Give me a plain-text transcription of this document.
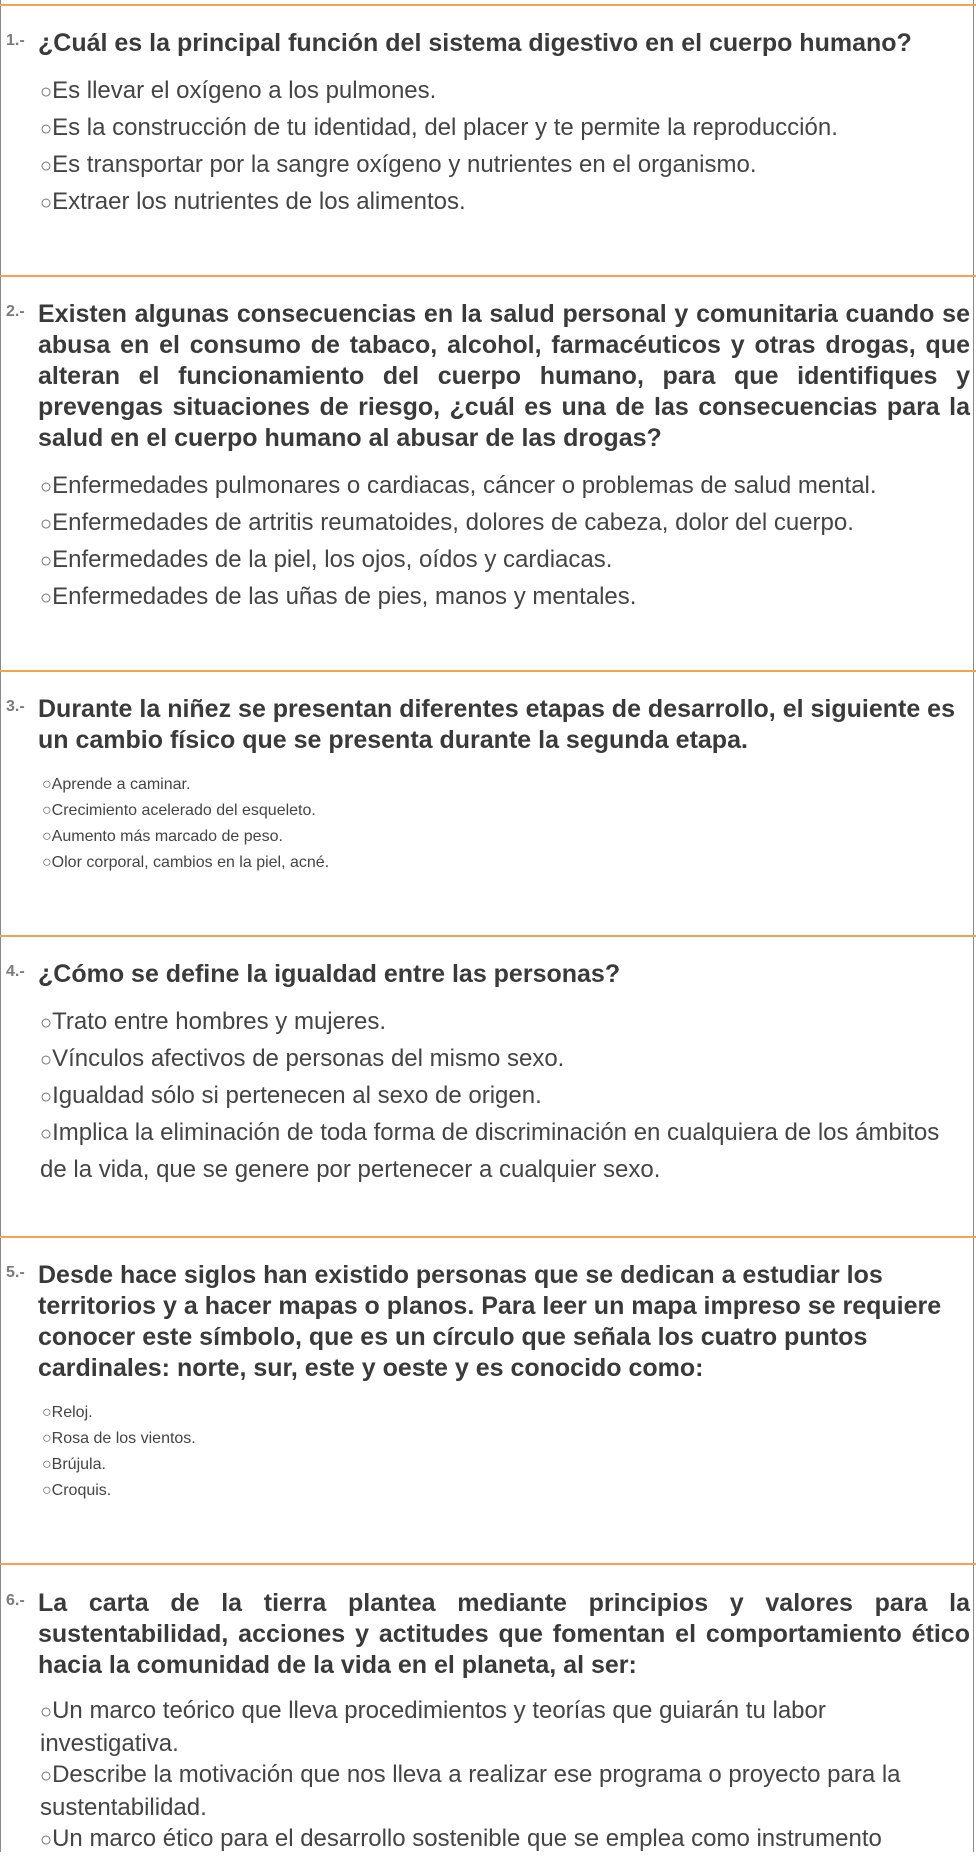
1.- ¿Cuál es la principal función del sistema digestivo en el cuerpo humano?

○Es llevar el oxígeno a los pulmones.
○Es la construcción de tu identidad, del placer y te permite la reproducción.
○Es transportar por la sangre oxígeno y nutrientes en el organismo.
○Extraer los nutrientes de los alimentos.
2.- Existen algunas consecuencias en la salud personal y comunitaria cuando se abusa en el consumo de tabaco, alcohol, farmacéuticos y otras drogas, que alteran el funcionamiento del cuerpo humano, para que identifiques y prevengas situaciones de riesgo, ¿cuál es una de las consecuencias para la salud en el cuerpo humano al abusar de las drogas?

○Enfermedades pulmonares o cardiacas, cáncer o problemas de salud mental.
○Enfermedades de artritis reumatoides, dolores de cabeza, dolor del cuerpo.
○Enfermedades de la piel, los ojos, oídos y cardiacas.
○Enfermedades de las uñas de pies, manos y mentales.
3.- Durante la niñez se presentan diferentes etapas de desarrollo, el siguiente es un cambio físico que se presenta durante la segunda etapa.

○Aprende a caminar.
○Crecimiento acelerado del esqueleto.
○Aumento más marcado de peso.
○Olor corporal, cambios en la piel, acné.
4.- ¿Cómo se define la igualdad entre las personas?

○Trato entre hombres y mujeres.
○Vínculos afectivos de personas del mismo sexo.
○Igualdad sólo si pertenecen al sexo de origen.
○Implica la eliminación de toda forma de discriminación en cualquiera de los ámbitos de la vida, que se genere por pertenecer a cualquier sexo.
5.- Desde hace siglos han existido personas que se dedican a estudiar los territorios y a hacer mapas o planos. Para leer un mapa impreso se requiere conocer este símbolo, que es un círculo que señala los cuatro puntos cardinales: norte, sur, este y oeste y es conocido como:

○Reloj.
○Rosa de los vientos.
○Brújula.
○Croquis.
6.- La carta de la tierra plantea mediante principios y valores para la sustentabilidad, acciones y actitudes que fomentan el comportamiento ético hacia la comunidad de la vida en el planeta, al ser:

○Un marco teórico que lleva procedimientos y teorías que guiarán tu labor investigativa.
○Describe la motivación que nos lleva a realizar ese programa o proyecto para la sustentabilidad.
○Un marco ético para el desarrollo sostenible que se emplea como instrumento
